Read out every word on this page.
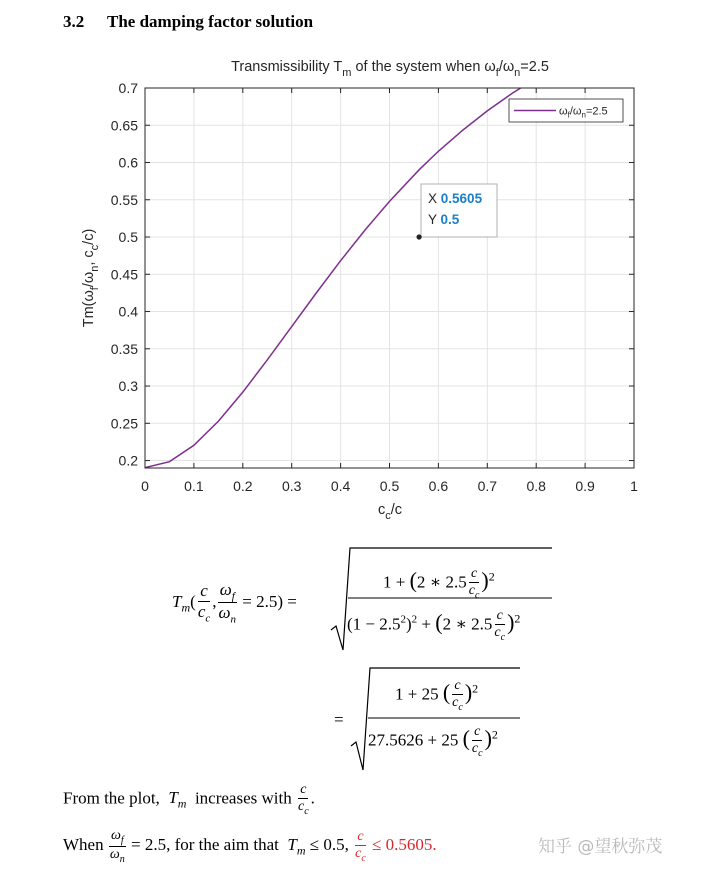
3.2 The damping factor solution
Transmissibility $T_m$ of the system when $\omega_f/\omega_n=2.5$
0	0.1 0.2 0.3 0.4 0.5 0.6 0.7 0.8 0.9	1
0.2
0.25
0.3
0.35
0.4
0.45
0.5
0.55
0.6
0.65
0.7
$c_c/c$
$Tm(\omega_f/\omega_n$, $c_c/c$)
$\omega_f/\omega_n=2.5$
X 0.5605
Y 0.5
$T_m( \frac{c}{c_c}$ , $\frac{\omega_f}{\omega_n} = 2.5$) =
1 + (2 ∗ $2.5 \frac{c}{c_c} )^2$
$(1 - 2.5^2)^2 + (2$ ∗ $2.5 \frac{c}{c_c} )^2$
=
1 + 25 ( $\frac{c}{c_c} )^2$
27.5626 + 25 ( $\frac{c}{c_c} )^2$
From the plot, $T_m$ increases with $\frac{c}{c_c}$ .
When $\frac{\omega_f}{\omega_n} = 2.5$, for the aim that $T_m \le 0.5$, $\frac{c}{c_c} \le 0.5605$.	知乎 @望秋弥茂
